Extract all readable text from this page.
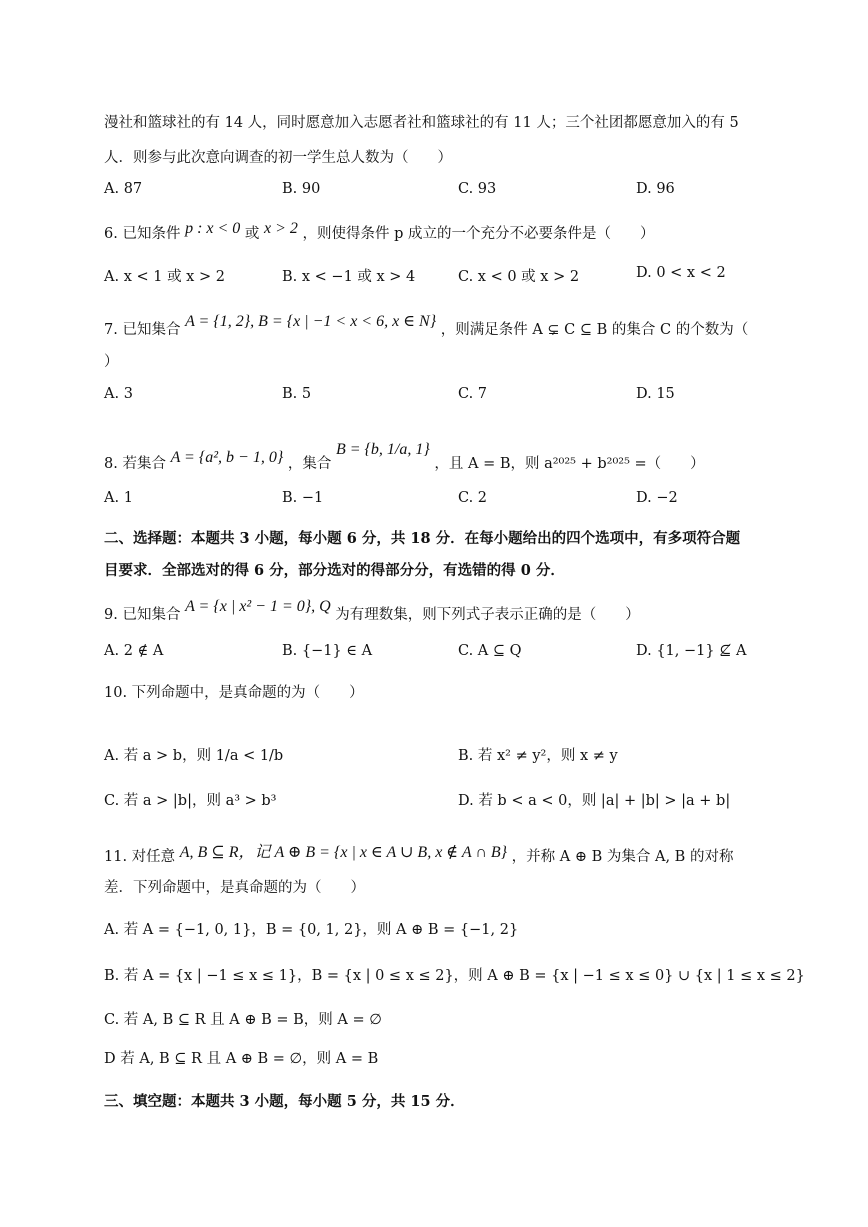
漫社和篮球社的有 14 人，同时愿意加入志愿者社和篮球社的有 11 人；三个社团都愿意加入的有 5
人．则参与此次意向调查的初一学生总人数为（　　）
A. 87	B. 90	C. 93	D. 96
6. 已知条件 p : x < 0 或 x > 2 ，则使得条件 p 成立的一个充分不必要条件是（　　）
A. x < 1 或 x > 2	B. x < −1 或 x > 4	C. x < 0 或 x > 2	D. 0 < x < 2
7. 已知集合 A = {1, 2}, B = {x | −1 < x < 6, x ∈ N} ，则满足条件 A ⊊ C ⊆ B 的集合 C 的个数为（
）
A. 3	B. 5	C. 7	D. 15
8. 若集合 A = {a², b − 1, 0} ，集合 B = {b, 1/a, 1} ，且 A = B，则 a²⁰²⁵ + b²⁰²⁵ =（　　）
A. 1	B. −1	C. 2	D. −2
二、选择题：本题共 3 小题，每小题 6 分，共 18 分．在每小题给出的四个选项中，有多项符合题
目要求．全部选对的得 6 分，部分选对的得部分分，有选错的得 0 分．
9. 已知集合 A = {x | x² − 1 = 0}, Q 为有理数集，则下列式子表示正确的是（　　）
A. 2 ∉ A	B. {−1} ∈ A	C. A ⊆ Q	D. {1, −1} ⊈ A
10. 下列命题中，是真命题的为（　　）
A. 若 a > b，则 1/a < 1/b	B. 若 x² ≠ y²，则 x ≠ y
C. 若 a > |b|，则 a³ > b³	D. 若 b < a < 0，则 |a| + |b| > |a + b|
11. 对任意 A, B ⊆ R，记 A ⊕ B = {x | x ∈ A ∪ B, x ∉ A ∩ B} ，并称 A ⊕ B 为集合 A, B 的对称
差．下列命题中，是真命题的为（　　）
A. 若 A = {−1, 0, 1}，B = {0, 1, 2}，则 A ⊕ B = {−1, 2}
B. 若 A = {x | −1 ≤ x ≤ 1}，B = {x | 0 ≤ x ≤ 2}，则 A ⊕ B = {x | −1 ≤ x ≤ 0} ∪ {x | 1 ≤ x ≤ 2}
C. 若 A, B ⊆ R 且 A ⊕ B = B，则 A = ∅
D 若 A, B ⊆ R 且 A ⊕ B = ∅，则 A = B
三、填空题：本题共 3 小题，每小题 5 分，共 15 分．
